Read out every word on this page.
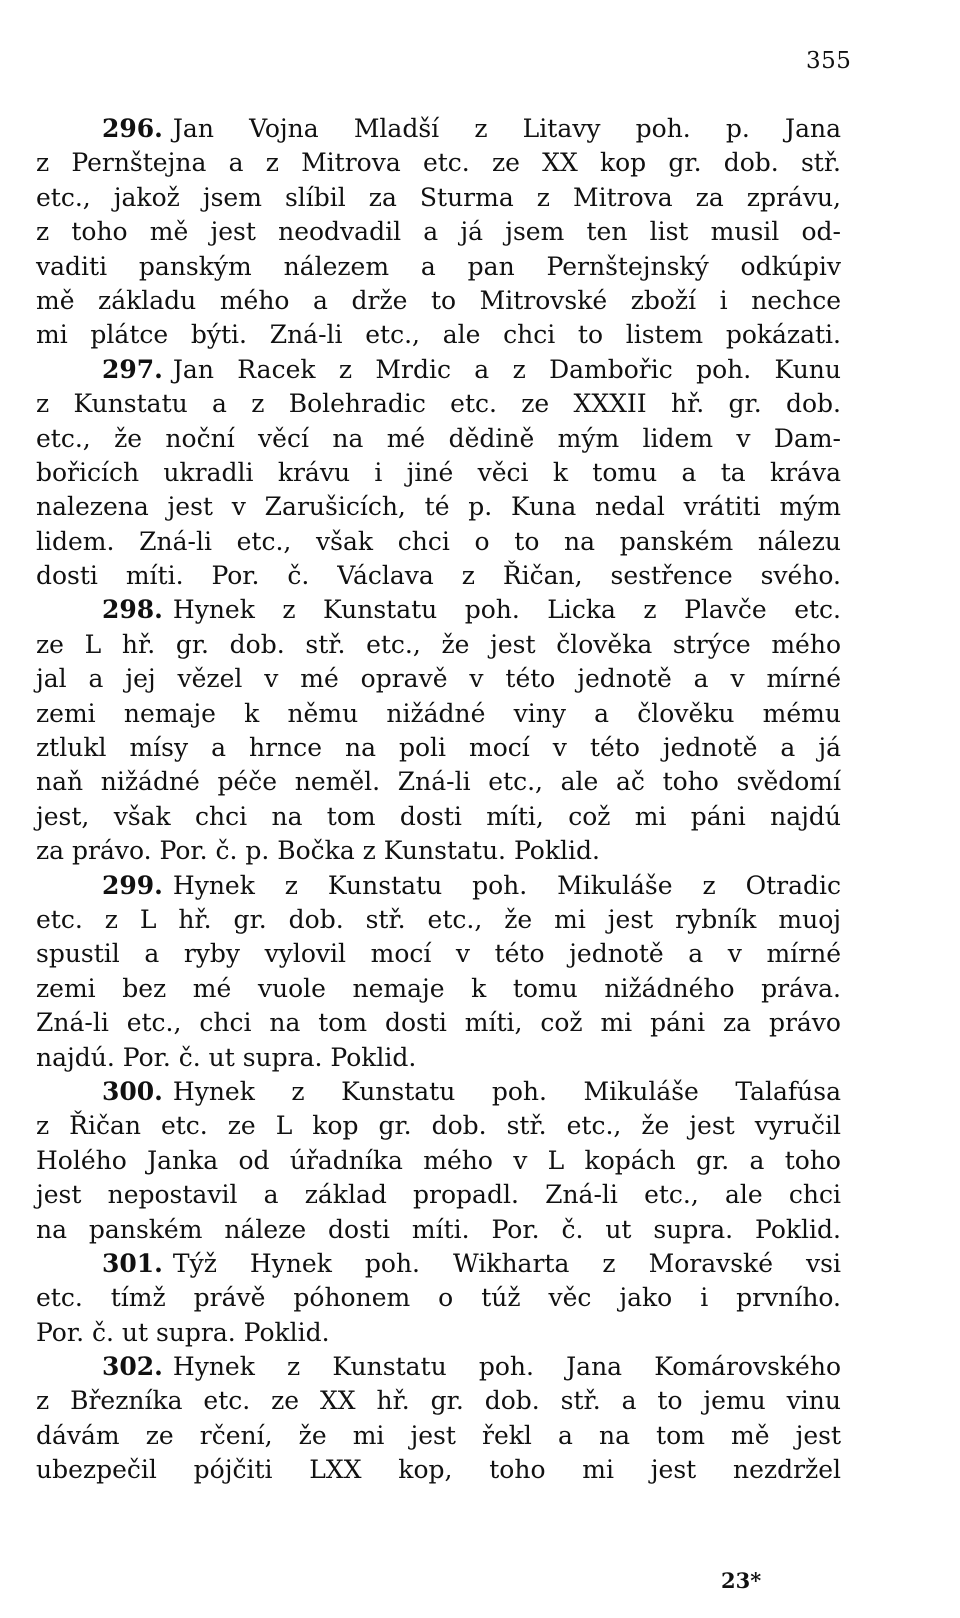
355
296. Jan Vojna Mladší z Litavy poh. p. Jana
z Pernštejna a z Mitrova etc. ze XX kop gr. dob. stř.
etc., jakož jsem slíbil za Sturma z Mitrova za zprávu,
z toho mě jest neodvadil a já jsem ten list musil od-
vaditi panským nálezem a pan Pernštejnský odkúpiv
mě základu mého a drže to Mitrovské zboží i nechce
mi plátce býti. Zná-li etc., ale chci to listem pokázati.
297. Jan Racek z Mrdic a z Dambořic poh. Kunu
z Kunstatu a z Bolehradic etc. ze XXXII hř. gr. dob.
etc., že noční věcí na mé dědině mým lidem v Dam-
bořicích ukradli krávu i jiné věci k tomu a ta kráva
nalezena jest v Zarušicích, té p. Kuna nedal vrátiti mým
lidem. Zná-li etc., však chci o to na panském nálezu
dosti míti. Por. č. Václava z Řičan, sestřence svého.
298. Hynek z Kunstatu poh. Licka z Plavče etc.
ze L hř. gr. dob. stř. etc., že jest člověka strýce mého
jal a jej vězel v mé opravě v této jednotě a v mírné
zemi nemaje k němu nižádné viny a člověku mému
ztlukl mísy a hrnce na poli mocí v této jednotě a já
naň nižádné péče neměl. Zná-li etc., ale ač toho svědomí
jest, však chci na tom dosti míti, což mi páni najdú
za právo. Por. č. p. Bočka z Kunstatu. Poklid.
299. Hynek z Kunstatu poh. Mikuláše z Otradic
etc. z L hř. gr. dob. stř. etc., že mi jest rybník muoj
spustil a ryby vylovil mocí v této jednotě a v mírné
zemi bez mé vuole nemaje k tomu nižádného práva.
Zná-li etc., chci na tom dosti míti, což mi páni za právo
najdú. Por. č. ut supra. Poklid.
300. Hynek z Kunstatu poh. Mikuláše Talafúsa
z Řičan etc. ze L kop gr. dob. stř. etc., že jest vyručil
Holého Janka od úřadníka mého v L kopách gr. a toho
jest nepostavil a základ propadl. Zná-li etc., ale chci
na panském náleze dosti míti. Por. č. ut supra. Poklid.
301. Týž Hynek poh. Wikharta z Moravské vsi
etc. tímž právě póhonem o túž věc jako i prvního.
Por. č. ut supra. Poklid.
302. Hynek z Kunstatu poh. Jana Komárovského
z Březníka etc. ze XX hř. gr. dob. stř. a to jemu vinu
dávám ze rčení, že mi jest řekl a na tom mě jest
ubezpečil pójčiti LXX kop, toho mi jest nezdržel
23*
